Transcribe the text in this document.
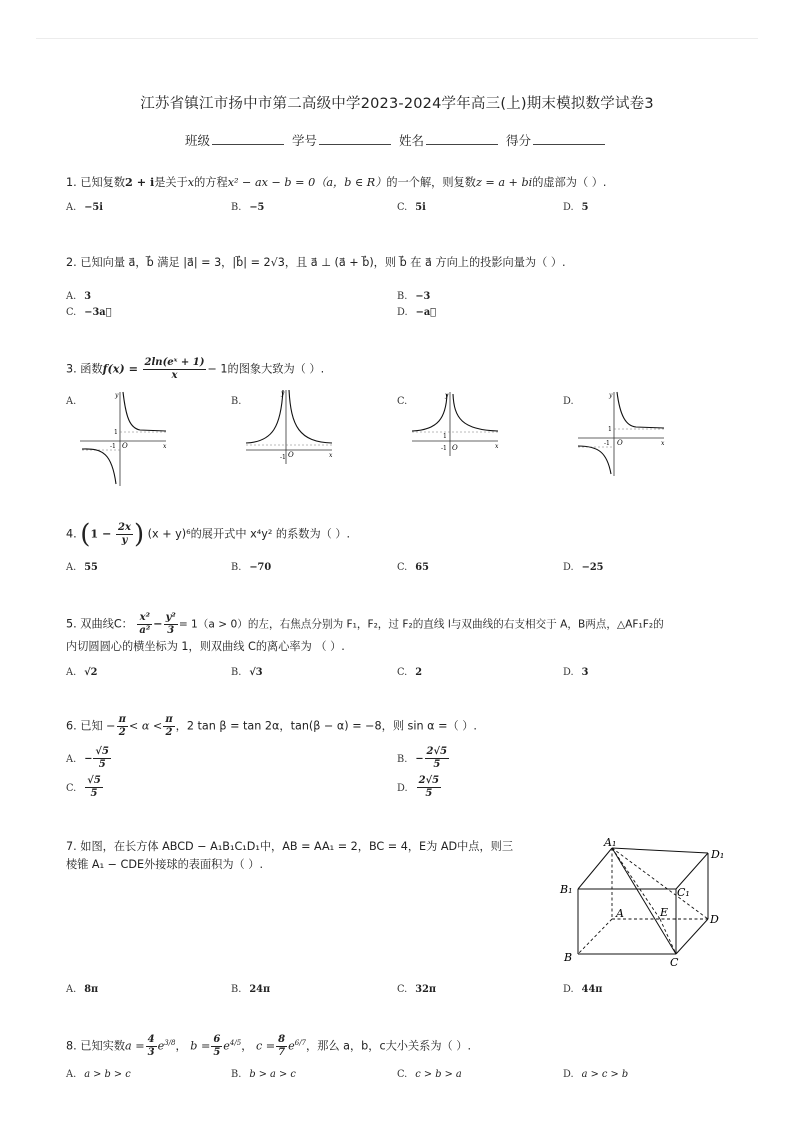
江苏省镇江市扬中市第二高级中学2023-2024学年高三(上)期末模拟数学试卷3
班级	学号	姓名	得分
1. 已知复数2 + i是关于x的方程x² − ax − b = 0（a，b ∈ R）的一个解，则复数z = a + bi的虚部为（ ）.
A. −5i	B. −5	C. 5i	D. 5
2. 已知向量 a⃗，b⃗ 满足 |a⃗| = 3，|b⃗| = 2√3，且 a⃗ ⊥ (a⃗ + b⃗)，则 b⃗ 在 a⃗ 方向上的投影向量为（ ）.
A. 3	B. −3
C. −3a⃗	D. −a⃗
3. 函数$f(x) = \frac{\text{2ln(eˣ + 1)}}{x} - 1$的图象大致为（ ）.
A.	B.	C.	D.
y
x
O
1
-1
y
x
O
-1
y
x
O
1
-1
y
x
O
1
-1
4. ($1 - \frac{2x}{y}$ ) (x + y)⁶的展开式中 x⁴y² 的系数为（ ）.
A. 55	B. −70	C. 65	D. −25
5. 双曲线C： $\frac{\text{x²}}{\text{a²}} - \frac{\text{y²}}{3} = 1(a > 0)$的左，右焦点分别为 F₁，F₂，过 F₂的直线 l与双曲线的右支相交于 A，B两点，△AF₁F₂的
内切圆圆心的横坐标为 1，则双曲线 C的离心率为 （ ）.
A. √2	B. √3	C. 2	D. 3
6. 已知 − $\frac{\pi}{2} < \alpha < \frac{\pi}{2}$ ，2 tan β = tan 2α，tan(β − α) = −8，则 sin α =（ ）.
A. − $\frac{√5}{5}$	B. − $\frac{2√5}{5}$
C. $\frac{√5}{5}$	D. $\frac{2√5}{5}$
7. 如图，在长方体 ABCD − A₁B₁C₁D₁中，AB = AA₁ = 2，BC = 4，E为 AD中点，则三
棱锥 A₁ − CDE外接球的表面积为（ ）.
A₁
D₁
B₁	C₁
A	E
D
B	C
A. 8π	B. 24π	C. 32π	D. 44π
8. 已知实数$a = \frac{4}{3} e^{3/8}$， $b = \frac{6}{5} e^{4/5}$， $c = \frac{8}{7} e^{6/7}$，那么 a，b，c大小关系为（ ）.
A. a > b > c	B. b > a > c	C. c > b > a	D. a > c > b
